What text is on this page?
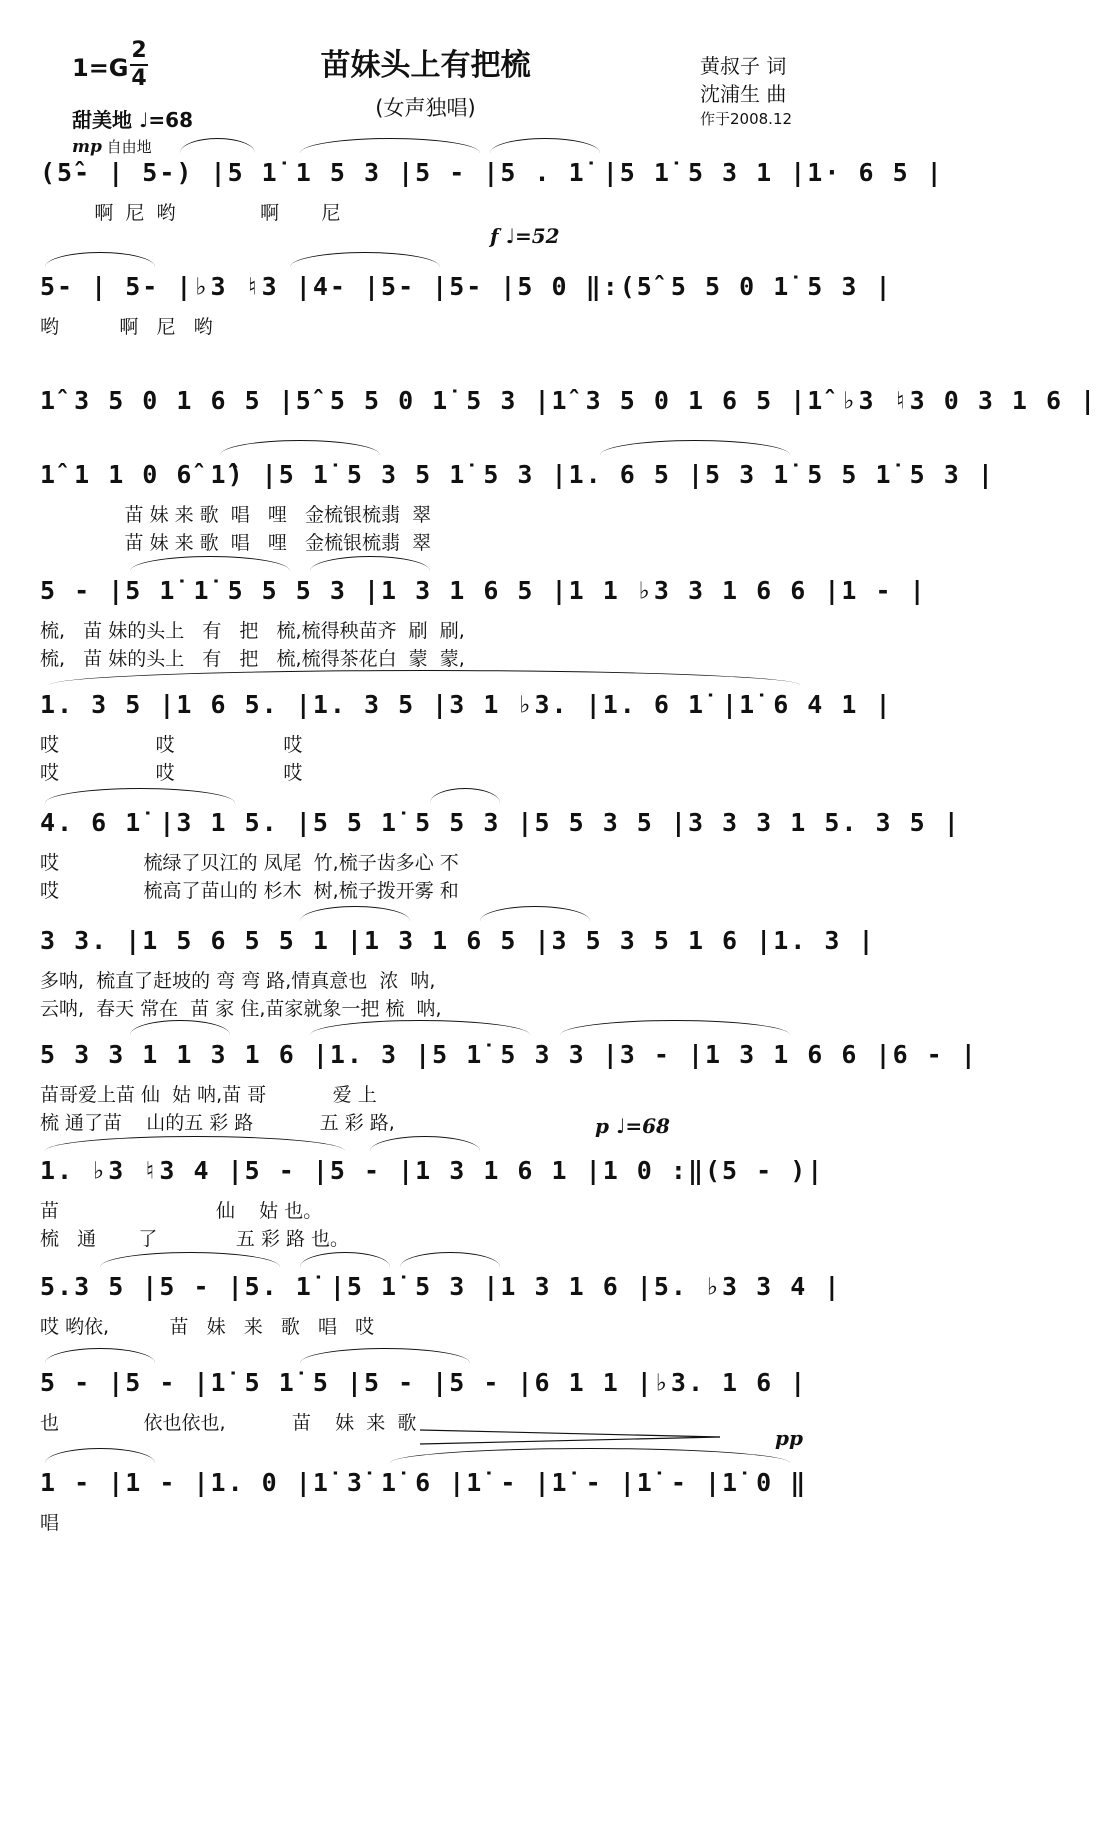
1=G
2
4
甜美地 ♩=68
mp 自由地
苗妹头上有把梳
(女声独唱)
黄叔子 词
沈浦生 曲
作于2008.12
(5̂- | 5-) |5 1̇ 1 5 3 |5 - |5 . 1̇ |5 1̇ 5 3 1 |1· 6 5 |
啊  尼  哟              啊       尼
f ♩=52
5- | 5- |♭3 ♮3 |4- |5- |5- |5 0 ‖:(5̂ 5 5 0 1̇ 5 3 |
哟          啊   尼   哟
1̂ 3 5 0 1 6 5 |5̂ 5 5 0 1̇ 5 3 |1̂ 3 5 0 1 6 5 |1̂ ♭3 ♮3 0 3 1 6 |
1̂ 1 1 0 6̂ 1̂) |5 1̇ 5 3 5 1̇ 5 3 |1. 6 5 |5 3 1̇ 5 5 1̇ 5 3 |
苗 妹 来 歌  唱   哩   金梳银梳翡  翠
苗 妹 来 歌  唱   哩   金梳银梳翡  翠
5 - |5 1̇ 1̇ 5 5 5 3 |1 3 1 6 5 |1 1 ♭3 3 1 6 6 |1 - |
梳,   苗 妹的头上   有   把   梳,梳得秧苗齐  刷  刷,
梳,   苗 妹的头上   有   把   梳,梳得茶花白  蒙  蒙,
1. 3 5 |1 6 5. |1. 3 5 |3 1 ♭3. |1. 6 1̇ |1̇ 6 4 1 |
哎                哎                  哎
哎                哎                  哎
4. 6 1̇ |3 1 5. |5 5 1̇ 5 5 3 |5 5 3 5 |3 3 3 1 5. 3 5 |
哎              梳绿了贝江的 凤尾  竹,梳子齿多心 不
哎              梳高了苗山的 杉木  树,梳子拨开雾 和
3 3. |1 5 6 5 5 1 |1 3 1 6 5 |3 5 3 5 1 6 |1. 3 |
多呐,  梳直了赶坡的 弯 弯 路,情真意也  浓  呐,
云呐,  春天 常在  苗 家 住,苗家就象一把 梳  呐,
5 3 3 1 1 3 1 6 |1. 3 |5 1̇ 5 3 3 |3 - |1 3 1 6 6 |6 - |
苗哥爱上苗 仙  姑 呐,苗 哥           爱 上
梳 通了苗    山的五 彩 路           五 彩 路,	p ♩=68
1. ♭3 ♮3 4 |5 - |5 - |1 3 1 6 1 |1 0 :‖(5 - )|
苗                          仙    姑 也。
梳   通       了             五 彩 路 也。
5.3 5 |5 - |5. 1̇ |5 1̇ 5 3 |1 3 1 6 |5. ♭3 3 4 |
哎 哟依,          苗   妹   来   歌   唱   哎
5 - |5 - |1̇ 5 1̇ 5 |5 - |5 - |6 1 1 |♭3. 1 6 |
也              依也依也,           苗    妹  来  歌
pp
1 - |1 - |1. 0 |1̇ 3̇ 1̇ 6 |1̇ - |1̇ - |1̇ - |1̇ 0 ‖
唱
